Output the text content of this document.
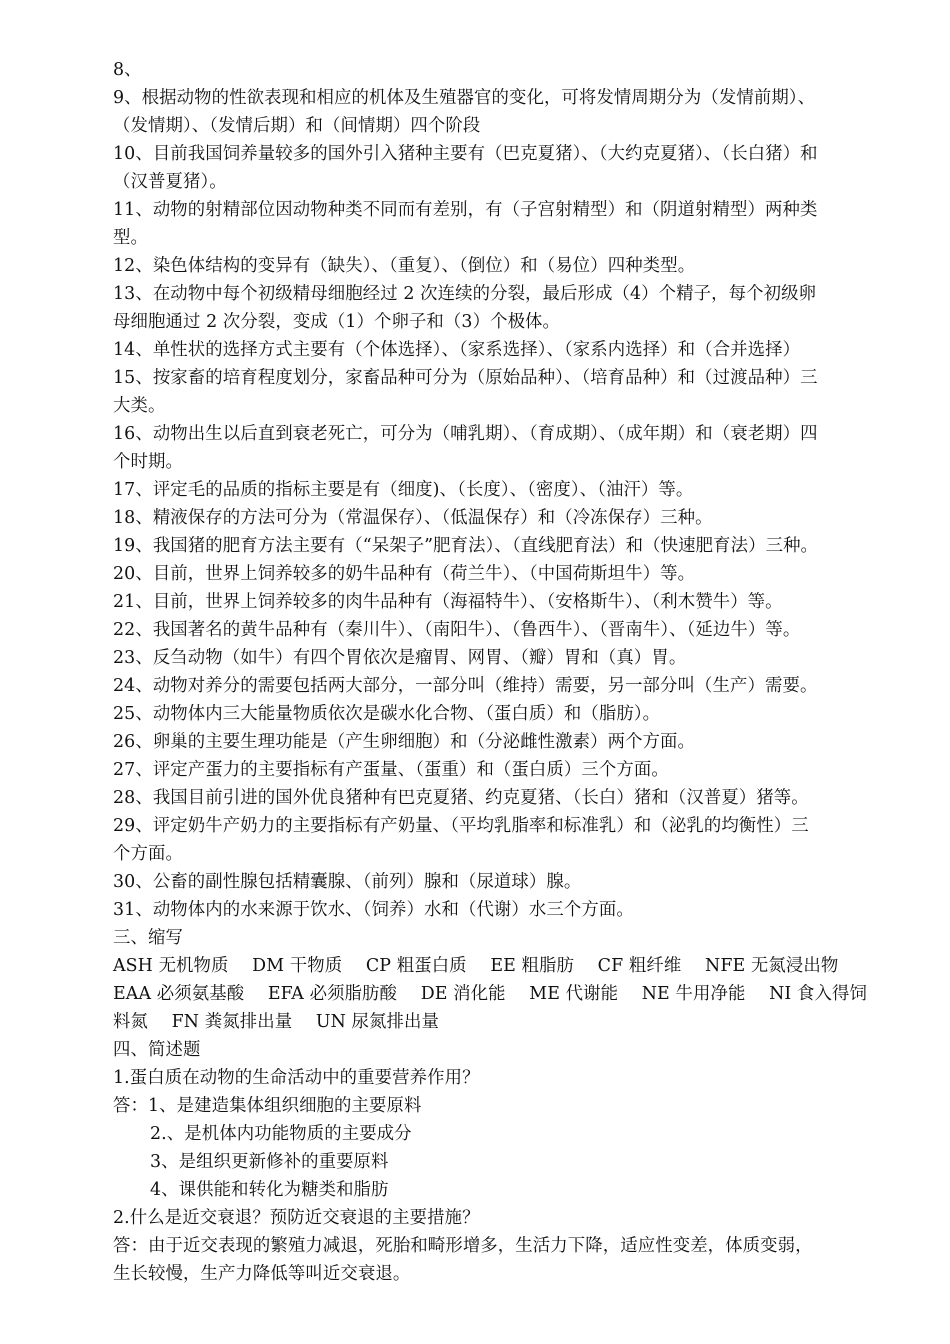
8、
9、根据动物的性欲表现和相应的机体及生殖器官的变化，可将发情周期分为（发情前期）、
（发情期）、（发情后期）和（间情期）四个阶段
10、目前我国饲养量较多的国外引入猪种主要有（巴克夏猪）、（大约克夏猪）、（长白猪）和
（汉普夏猪）。
11、动物的射精部位因动物种类不同而有差别，有（子宫射精型）和（阴道射精型）两种类
型。
12、染色体结构的变异有（缺失）、（重复）、（倒位）和（易位）四种类型。
13、在动物中每个初级精母细胞经过 2 次连续的分裂，最后形成（4）个精子，每个初级卵
母细胞通过 2 次分裂，变成（1）个卵子和（3）个极体。
14、单性状的选择方式主要有（个体选择）、（家系选择）、（家系内选择）和（合并选择）
15、按家畜的培育程度划分，家畜品种可分为（原始品种）、（培育品种）和（过渡品种）三
大类。
16、动物出生以后直到衰老死亡，可分为（哺乳期）、（育成期）、（成年期）和（衰老期）四
个时期。
17、评定毛的品质的指标主要是有（细度)、（长度）、（密度）、（油汗）等。
18、精液保存的方法可分为（常温保存）、（低温保存）和（冷冻保存）三种。
19、我国猪的肥育方法主要有（“呆架子”肥育法）、（直线肥育法）和（快速肥育法）三种。
20、目前，世界上饲养较多的奶牛品种有（荷兰牛）、（中国荷斯坦牛）等。
21、目前，世界上饲养较多的肉牛品种有（海福特牛）、（安格斯牛）、（利木赞牛）等。
22、我国著名的黄牛品种有（秦川牛）、（南阳牛）、（鲁西牛）、（晋南牛）、（延边牛）等。
23、反刍动物（如牛）有四个胃依次是瘤胃、网胃、（瓣）胃和（真）胃。
24、动物对养分的需要包括两大部分，一部分叫（维持）需要，另一部分叫（生产）需要。
25、动物体内三大能量物质依次是碳水化合物、（蛋白质）和（脂肪）。
26、卵巢的主要生理功能是（产生卵细胞）和（分泌雌性激素）两个方面。
27、评定产蛋力的主要指标有产蛋量、（蛋重）和（蛋白质）三个方面。
28、我国目前引进的国外优良猪种有巴克夏猪、约克夏猪、（长白）猪和（汉普夏）猪等。
29、评定奶牛产奶力的主要指标有产奶量、（平均乳脂率和标准乳）和（泌乳的均衡性）三
个方面。
30、公畜的副性腺包括精囊腺、（前列）腺和（尿道球）腺。
31、动物体内的水来源于饮水、（饲养）水和（代谢）水三个方面。
三、缩写
ASH 无机物质 DM 干物质 CP 粗蛋白质 EE 粗脂肪 CF 粗纤维 NFE 无氮浸出物
EAA 必须氨基酸 EFA 必须脂肪酸 DE 消化能 ME 代谢能 NE 牛用净能 NI 食入得饲
料氮 FN 粪氮排出量 UN 尿氮排出量
四、简述题
1.蛋白质在动物的生命活动中的重要营养作用？
答：1、是建造集体组织细胞的主要原料
2.、是机体内功能物质的主要成分
3、是组织更新修补的重要原料
4、课供能和转化为糖类和脂肪
2.什么是近交衰退？预防近交衰退的主要措施？
答：由于近交表现的繁殖力减退，死胎和畸形增多，生活力下降，适应性变差，体质变弱，
生长较慢，生产力降低等叫近交衰退。
